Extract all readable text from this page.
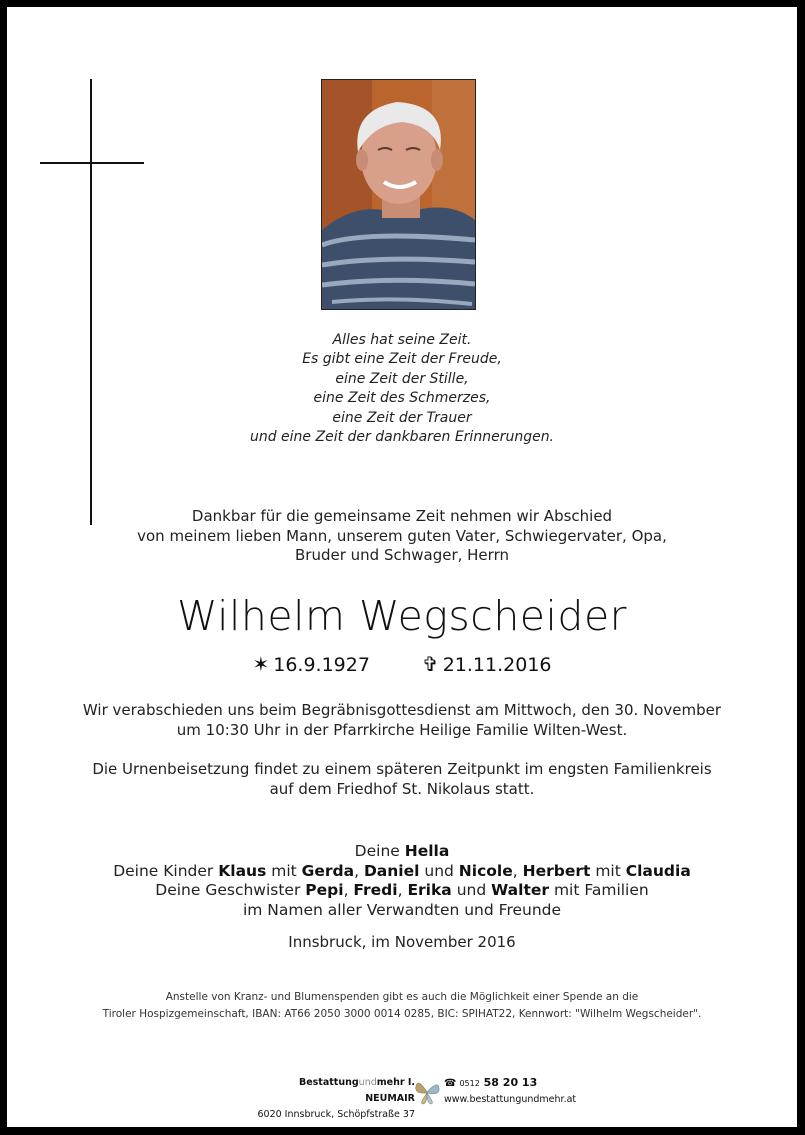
Alles hat seine Zeit.
Es gibt eine Zeit der Freude,
eine Zeit der Stille,
eine Zeit des Schmerzes,
eine Zeit der Trauer
und eine Zeit der dankbaren Erinnerungen.
Dankbar für die gemeinsame Zeit nehmen wir Abschied
von meinem lieben Mann, unserem guten Vater, Schwiegervater, Opa,
Bruder und Schwager, Herrn
Wilhelm Wegscheider
✶ 16.9.1927	✞ 21.11.2016
Wir verabschieden uns beim Begräbnisgottesdienst am Mittwoch, den 30. November
um 10:30 Uhr in der Pfarrkirche Heilige Familie Wilten-West.
Die Urnenbeisetzung findet zu einem späteren Zeitpunkt im engsten Familienkreis
auf dem Friedhof St. Nikolaus statt.
Deine Hella
Deine Kinder Klaus mit Gerda, Daniel und Nicole, Herbert mit Claudia
Deine Geschwister Pepi, Fredi, Erika und Walter mit Familien
im Namen aller Verwandten und Freunde
Innsbruck, im November 2016
Anstelle von Kranz- und Blumenspenden gibt es auch die Möglichkeit einer Spende an die
Tiroler Hospizgemeinschaft, IBAN: AT66 2050 3000 0014 0285, BIC: SPIHAT22, Kennwort: "Wilhelm Wegscheider".
Bestattungundmehr I. NEUMAIR
6020 Innsbruck, Schöpfstraße 37
☎ 0512 58 20 13
www.bestattungundmehr.at
